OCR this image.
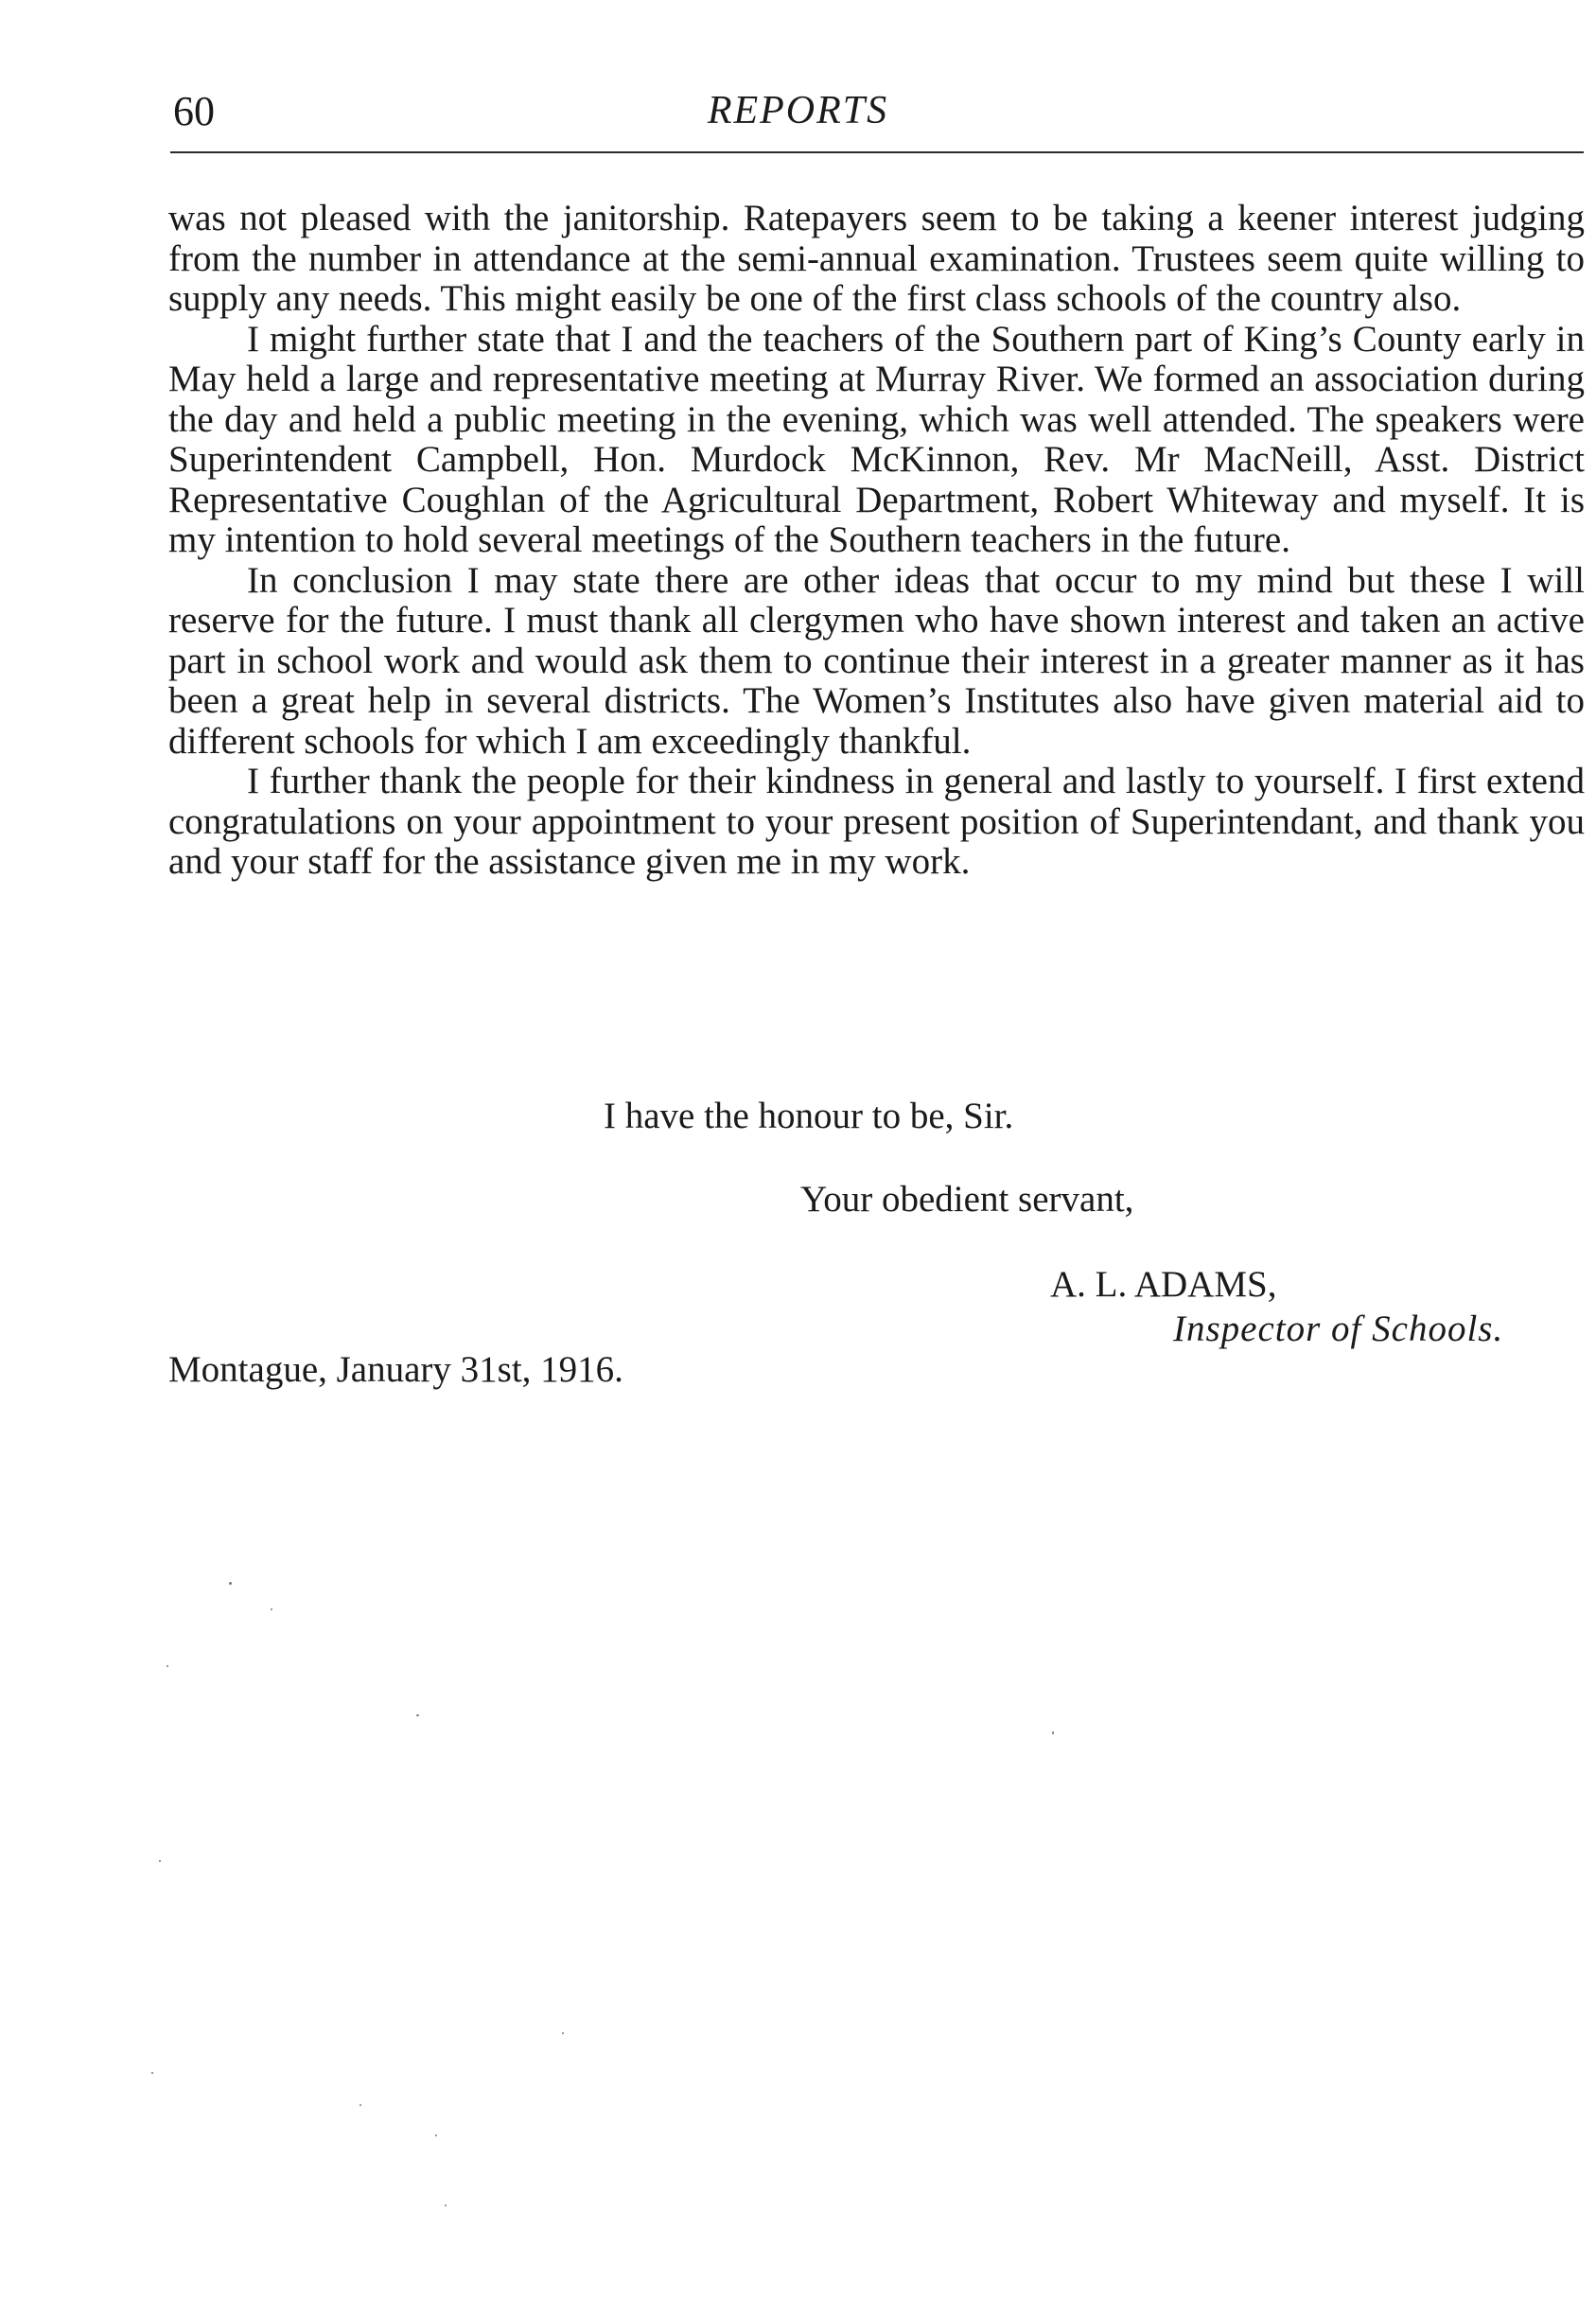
60	REPORTS

was not pleased with the janitorship. Ratepayers seem to be taking a keener interest judging from the number in attendance at the semi-annual examination. Trustees seem quite willing to supply any needs. This might easily be one of the first class schools of the country also.

I might further state that I and the teachers of the Southern part of King’s County early in May held a large and representative meeting at Murray River. We formed an association during the day and held a public meeting in the evening, which was well attended. The speakers were Superintendent Campbell, Hon. Murdock McKinnon, Rev. Mr MacNeill, Asst. District Representative Coughlan of the Agricultural Department, Robert Whiteway and myself. It is my intention to hold several meetings of the Southern teachers in the future.

In conclusion I may state there are other ideas that occur to my mind but these I will reserve for the future. I must thank all clergymen who have shown interest and taken an active part in school work and would ask them to continue their interest in a greater manner as it has been a great help in several districts. The Women’s Institutes also have given material aid to different schools for which I am exceedingly thankful.

I further thank the people for their kindness in general and lastly to yourself. I first extend congratulations on your appointment to your present position of Superintendant, and thank you and your staff for the assistance given me in my work.

I have the honour to be, Sir.
Your obedient servant,
A. L. ADAMS,
Inspector of Schools.
Montague, January 31st, 1916.
